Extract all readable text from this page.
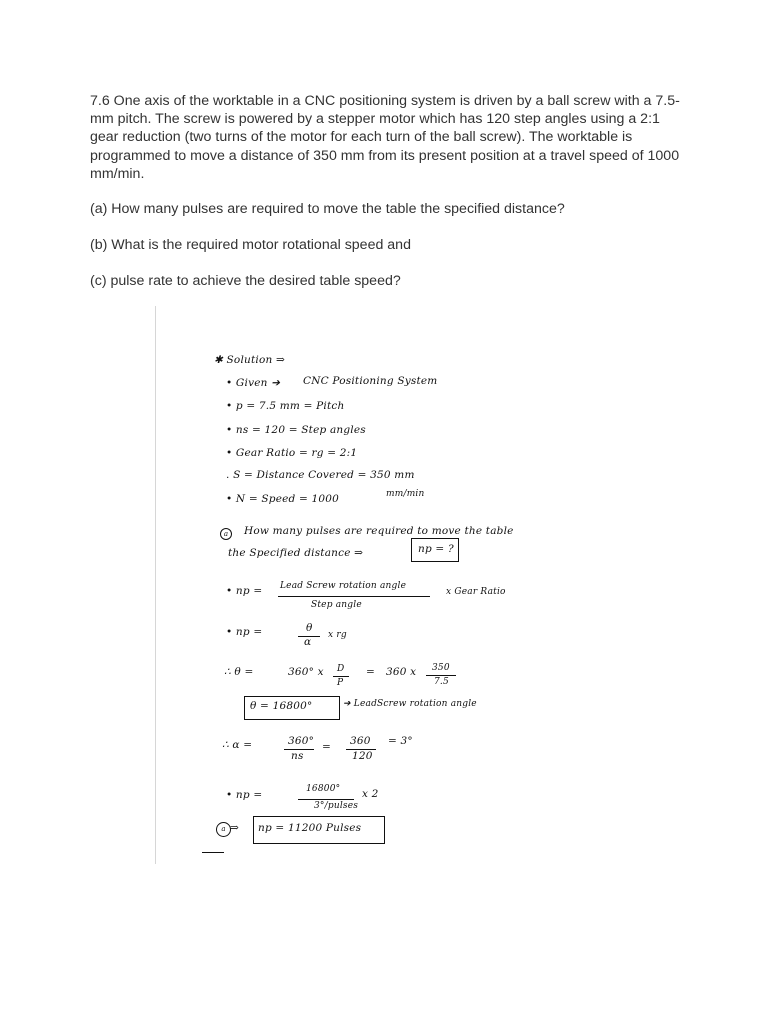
7.6 One axis of the worktable in a CNC positioning system is driven by a ball screw with a 7.5-mm pitch. The screw is powered by a stepper motor which has 120 step angles using a 2:1 gear reduction (two turns of the motor for each turn of the ball screw). The worktable is programmed to move a distance of 350 mm from its present position at a travel speed of 1000 mm/min.

(a) How many pulses are required to move the table the specified distance?

(b) What is the required motor rotational speed and

(c) pulse rate to achieve the desired table speed?

✱ Solution ⇒
• Given ➔ CNC Positioning System
• p = 7.5 mm = Pitch
• ns = 120 = Step angles
• Gear Ratio = rg = 2:1
. S = Distance Covered = 350 mm
• N = Speed = 1000	mm/min
a	How many pulses are required to move the table
the Specified distance ⇒	np = ?
• np = Lead Screw rotation angle
Step angle
x Gear Ratio
• np =	θ
α
x rg
∴ θ =	360° x D
P
= 360 x 350
7.5
θ = 16800°	➔ LeadScrew rotation angle
∴ α =	360°
ns
= 360
120
= 3°
• np =	16800°
3°/pulses
x 2
a ⇒ np = 11200 Pulses
